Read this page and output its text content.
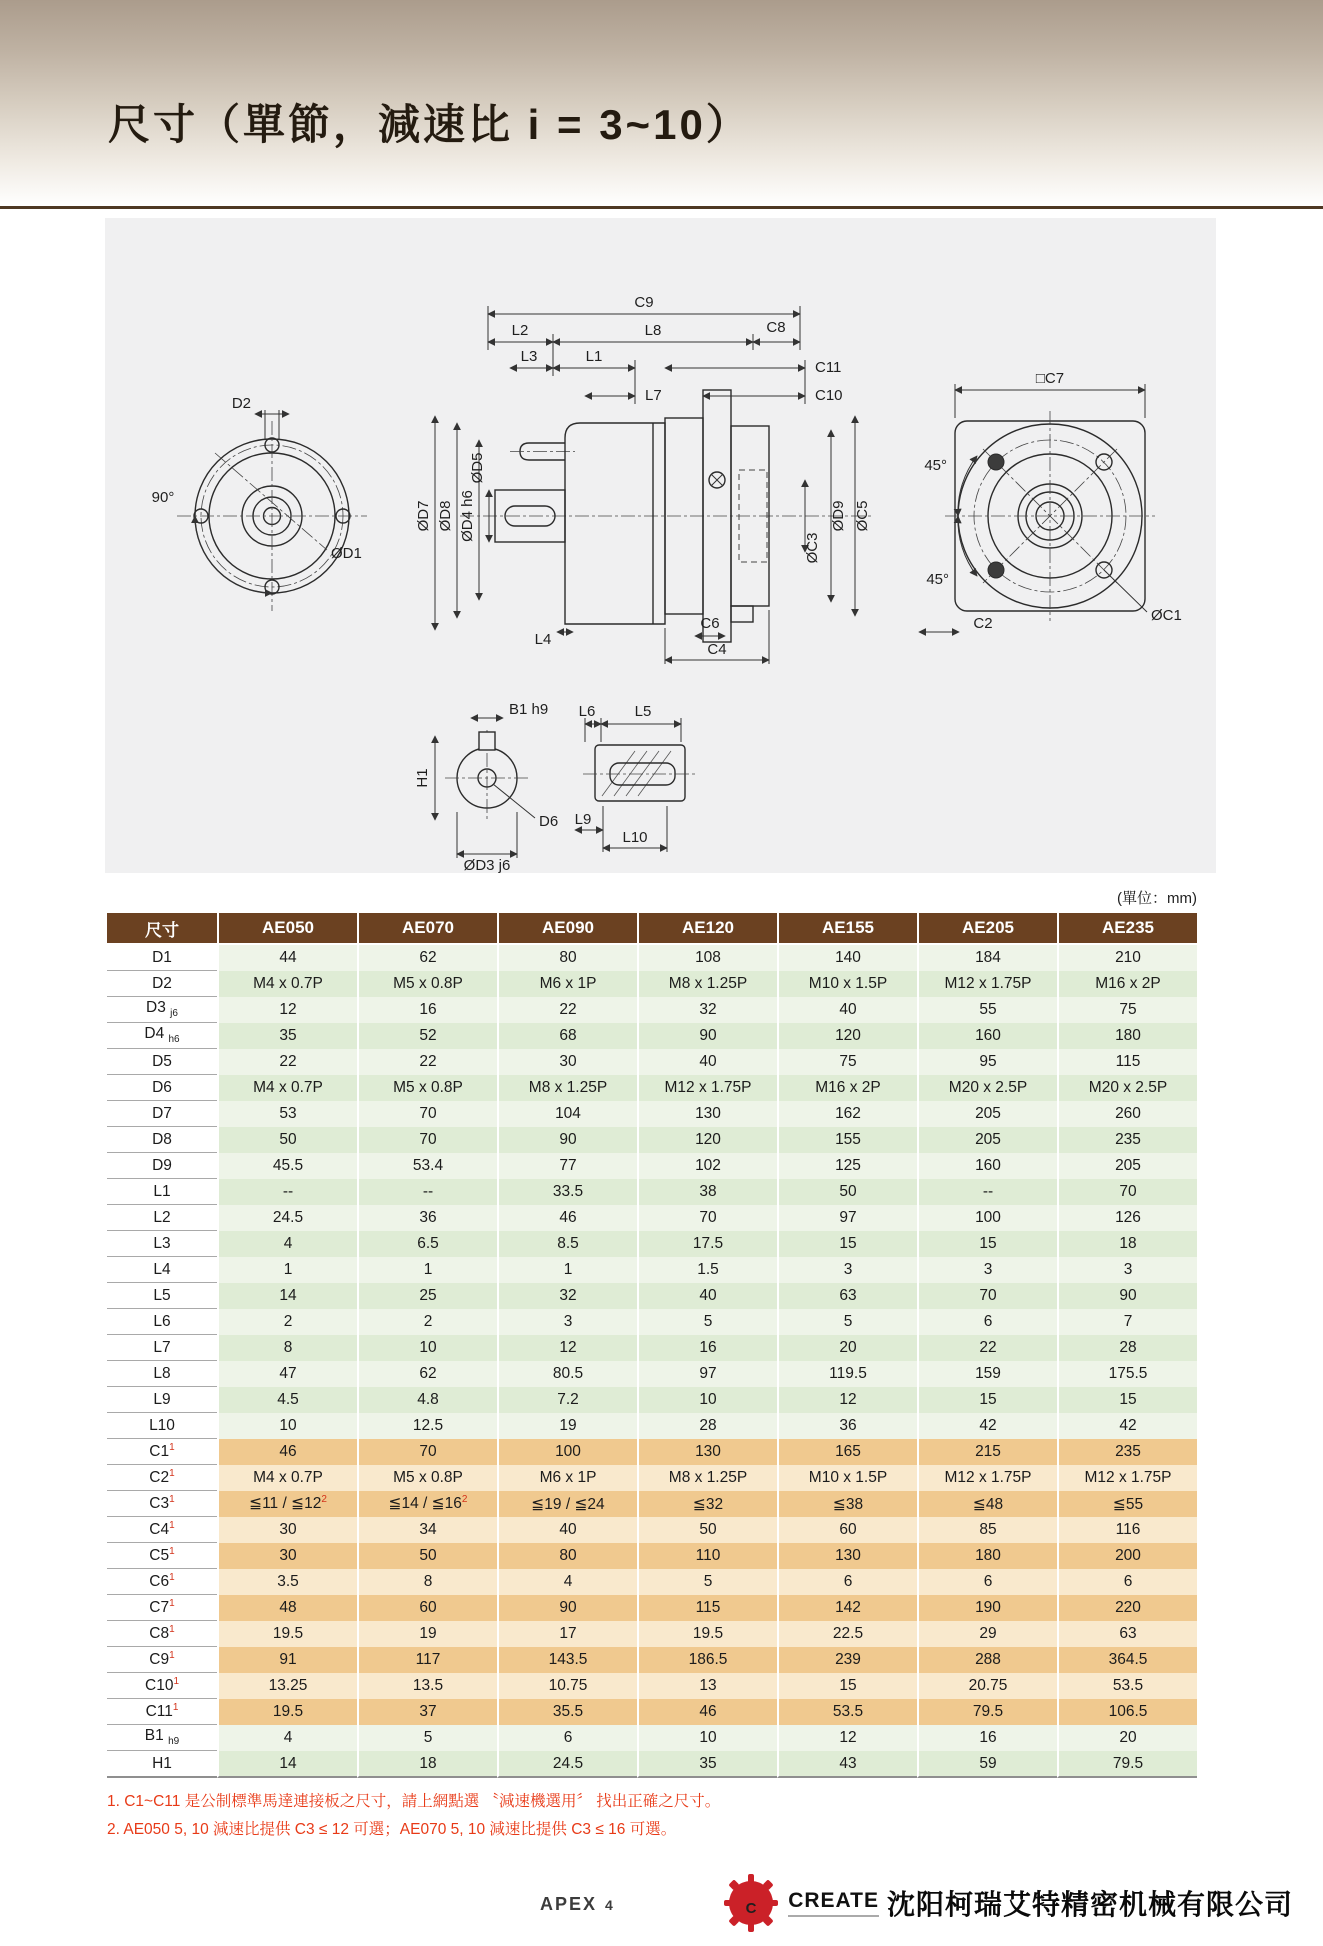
尺寸（單節，減速比 i = 3~10）
ØD1
D2
90°
ØD7 ØD8 ØD4 h6
ØD5
ØC3
ØD9 ØC5
C9
L2	L8	C8
L3	L1
C11
L7	C10
L4
C6
C4
□C7
45°
45°
C2	ØC1
B1 h9
H1
D6
ØD3 j6
L6	L5
L9
L10
(單位：mm)
尺寸	AE050	AE070	AE090	AE120	AE155	AE205	AE235
D1	44	62	80	108	140	184	210
D2	M4 x 0.7P	M5 x 0.8P	M6 x 1P	M8 x 1.25P	M10 x 1.5P	M12 x 1.75P	M16 x 2P
D3 $_{j6}$	12	16	22	32	40	55	75
D4 $_{h6}$	35	52	68	90	120	160	180
D5	22	22	30	40	75	95	115
D6	M4 x 0.7P	M5 x 0.8P	M8 x 1.25P	M12 x 1.75P	M16 x 2P	M20 x 2.5P	M20 x 2.5P
D7	53	70	104	130	162	205	260
D8	50	70	90	120	155	205	235
D9	45.5	53.4	77	102	125	160	205
L1	--	--	33.5	38	50	--	70
L2	24.5	36	46	70	97	100	126
L3	4	6.5	8.5	17.5	15	15	18
L4	1	1	1	1.5	3	3	3
L5	14	25	32	40	63	70	90
L6	2	2	3	5	5	6	7
L7	8	10	12	16	20	22	28
L8	47	62	80.5	97	119.5	159	175.5
L9	4.5	4.8	7.2	10	12	15	15
L10	10	12.5	19	28	36	42	42
$C1^1$	46	70	100	130	165	215	235
$C2^1$	M4 x 0.7P	M5 x 0.8P	M6 x 1P	M8 x 1.25P	M10 x 1.5P	M12 x 1.75P	M12 x 1.75P
$C3^1$	≦11 / $≦12^2$	≦14 / $≦16^2$	≦19 / ≦24	≦32	≦38	≦48	≦55
$C4^1$	30	34	40	50	60	85	116
$C5^1$	30	50	80	110	130	180	200
$C6^1$	3.5	8	4	5	6	6	6
$C7^1$	48	60	90	115	142	190	220
$C8^1$	19.5	19	17	19.5	22.5	29	63
$C9^1$	91	117	143.5	186.5	239	288	364.5
$C10^1$	13.25	13.5	10.75	13	15	20.75	53.5
$C11^1$	19.5	37	35.5	46	53.5	79.5	106.5
B1 $_{h9}$	4	5	6	10	12	16	20
H1	14	18	24.5	35	43	59	79.5
1. C1~C11 是公制標準馬達連接板之尺寸，請上網點選 〝減速機選用〞 找出正確之尺寸。
2. AE050 5, 10 減速比提供 C3 ≤ 12 可選；AE070 5, 10 減速比提供 C3 ≤ 16 可選。
APEX 4	C CREATE 沈阳柯瑞艾特精密机械有限公司
